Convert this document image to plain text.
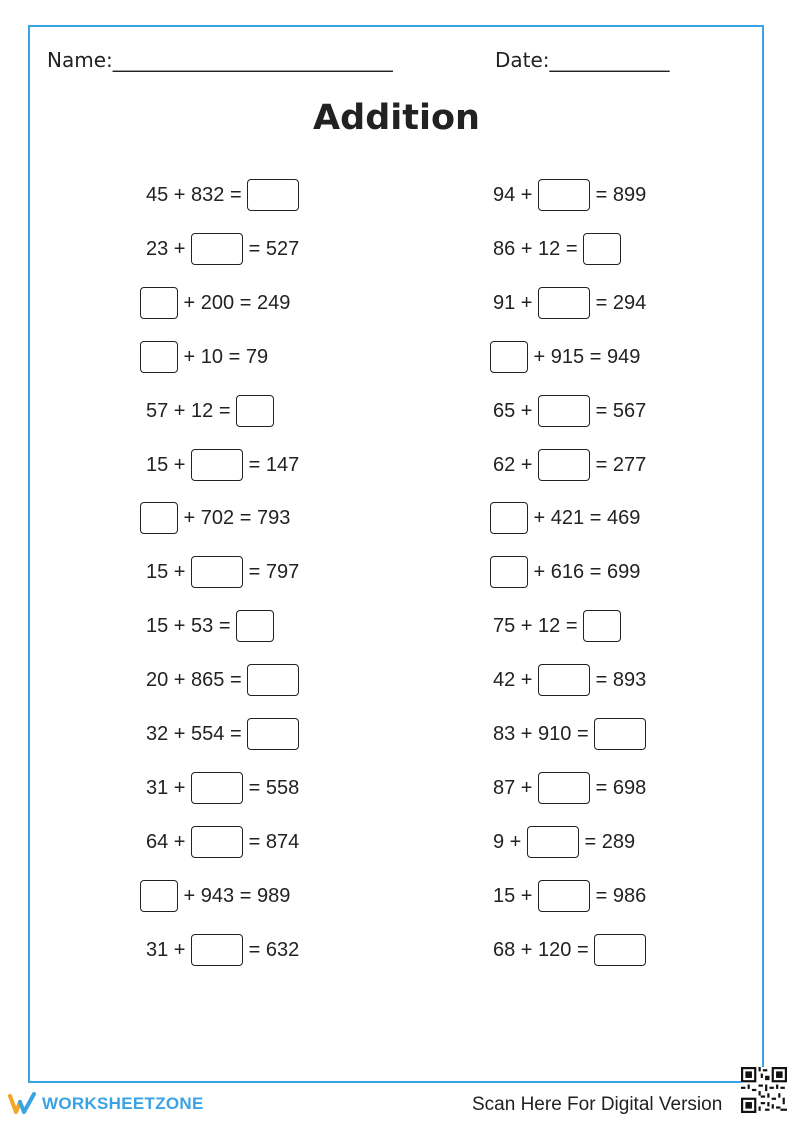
Name:____________________________	Date:____________
Addition
45 + 832 =
23 +	= 527
+ 200 = 249
+ 10 = 79
57 + 12 =
15 +	= 147
+ 702 = 793
15 +	= 797
15 + 53 =
20 + 865 =
32 + 554 =
31 +	= 558
64 +	= 874
+ 943 = 989
31 +	= 632
94 +	= 899
86 + 12 =
91 +	= 294
+ 915 = 949
65 +	= 567
62 +	= 277
+ 421 = 469
+ 616 = 699
75 + 12 =
42 +	= 893
83 + 910 =
87 +	= 698
9 +	= 289
15 +	= 986
68 + 120 =
WORKSHEETZONE	Scan Here For Digital Version
